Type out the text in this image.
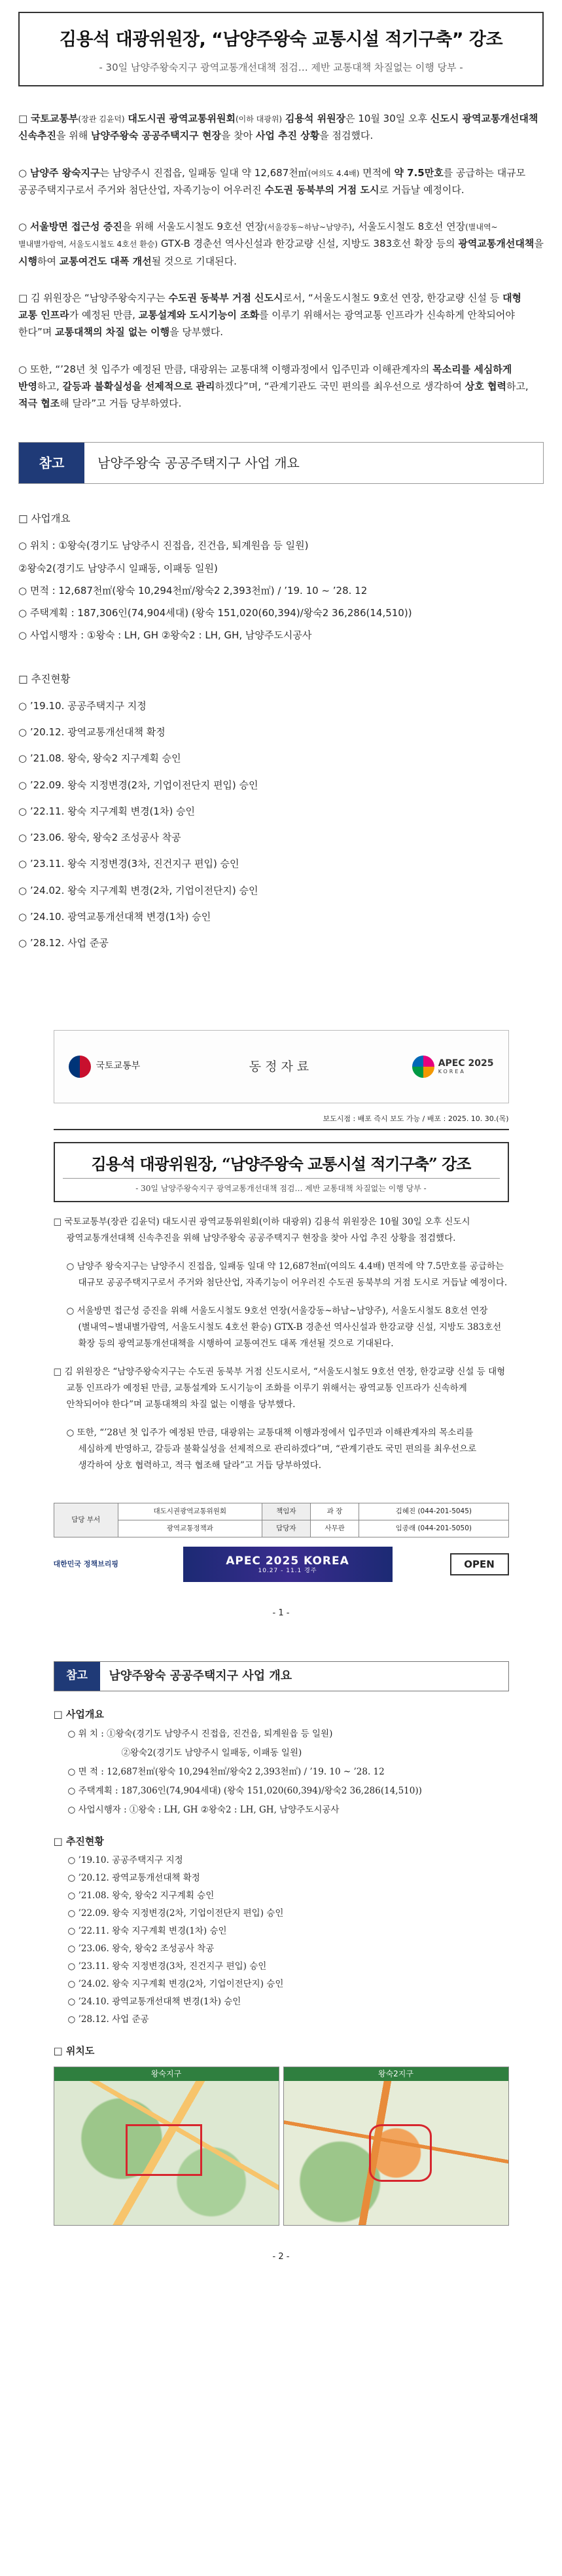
김용석 대광위원장, “남양주왕숙 교통시설 적기구축” 강조
- 30일 남양주왕숙지구 광역교통개선대책 점검… 제반 교통대책 차질없는 이행 당부 -

□ 국토교통부(장관 김윤덕) 대도시권 광역교통위원회(이하 대광위) 김용석 위원장은 10월 30일 오후 신도시 광역교통개선대책 신속추진을 위해 남양주왕숙 공공주택지구 현장을 찾아 사업 추진 상황을 점검했다.

○ 남양주 왕숙지구는 남양주시 진접읍, 일패동 일대 약 12,687천㎡(여의도 4.4배) 면적에 약 7.5만호를 공급하는 대규모 공공주택지구로서 주거와 첨단산업, 자족기능이 어우러진 수도권 동북부의 거점 도시로 거듭날 예정이다.

○ 서울방면 접근성 증진을 위해 서울도시철도 9호선 연장(서울강동~하남~남양주), 서울도시철도 8호선 연장(별내역~별내별가람역, 서울도시철도 4호선 환승) GTX-B 경춘선 역사신설과 한강교량 신설, 지방도 383호선 확장 등의 광역교통개선대책을 시행하여 교통여건도 대폭 개선될 것으로 기대된다.

□ 김 위원장은 “남양주왕숙지구는 수도권 동북부 거점 신도시로서, “서울도시철도 9호선 연장, 한강교량 신설 등 대형 교통 인프라가 예정된 만큼, 교통설계와 도시기능이 조화를 이루기 위해서는 광역교통 인프라가 신속하게 안착되어야 한다”며 교통대책의 차질 없는 이행을 당부했다.

○ 또한, “’28년 첫 입주가 예정된 만큼, 대광위는 교통대책 이행과정에서 입주민과 이해관계자의 목소리를 세심하게 반영하고, 갈등과 불확실성을 선제적으로 관리하겠다”며, “관계기관도 국민 편의를 최우선으로 생각하여 상호 협력하고, 적극 협조해 달라”고 거듭 당부하였다.

참고	남양주왕숙 공공주택지구 사업 개요
□ 사업개요
○ 위치 : ①왕숙(경기도 남양주시 진접읍, 진건읍, 퇴계원읍 등 일원)
②왕숙2(경기도 남양주시 일패동, 이패동 일원)
○ 면적 : 12,687천㎡(왕숙 10,294천㎡/왕숙2 2,393천㎡) / ’19. 10 ~ ’28. 12
○ 주택계획 : 187,306인(74,904세대) (왕숙 151,020(60,394)/왕숙2 36,286(14,510))
○ 사업시행자 : ①왕숙 : LH, GH ②왕숙2 : LH, GH, 남양주도시공사
□ 추진현황
○ ’19.10. 공공주택지구 지정
○ ’20.12. 광역교통개선대책 확정
○ ’21.08. 왕숙, 왕숙2 지구계획 승인
○ ’22.09. 왕숙 지정변경(2차, 기업이전단지 편입) 승인
○ ’22.11. 왕숙 지구계획 변경(1차) 승인
○ ’23.06. 왕숙, 왕숙2 조성공사 착공
○ ’23.11. 왕숙 지정변경(3차, 진건지구 편입) 승인
○ ’24.02. 왕숙 지구계획 변경(2차, 기업이전단지) 승인
○ ’24.10. 광역교통개선대책 변경(1차) 승인
○ ’28.12. 사업 준공
국토교통부	동정자료	APEC 2025
KOREA
보도시점 : 배포 즉시 보도 가능 / 배포 : 2025. 10. 30.(목)
김용석 대광위원장, “남양주왕숙 교통시설 적기구축” 강조
- 30일 남양주왕숙지구 광역교통개선대책 점검… 제반 교통대책 차질없는 이행 당부 -

□ 국토교통부(장관 김윤덕) 대도시권 광역교통위원회(이하 대광위) 김용석 위원장은 10월 30일 오후 신도시 광역교통개선대책 신속추진을 위해 남양주왕숙 공공주택지구 현장을 찾아 사업 추진 상황을 점검했다.

○ 남양주 왕숙지구는 남양주시 진접읍, 일패동 일대 약 12,687천㎡(여의도 4.4배) 면적에 약 7.5만호를 공급하는 대규모 공공주택지구로서 주거와 첨단산업, 자족기능이 어우러진 수도권 동북부의 거점 도시로 거듭날 예정이다.

○ 서울방면 접근성 증진을 위해 서울도시철도 9호선 연장(서울강동~하남~남양주), 서울도시철도 8호선 연장(별내역~별내별가람역, 서울도시철도 4호선 환승) GTX-B 경춘선 역사신설과 한강교량 신설, 지방도 383호선 확장 등의 광역교통개선대책을 시행하여 교통여건도 대폭 개선될 것으로 기대된다.

□ 김 위원장은 “남양주왕숙지구는 수도권 동북부 거점 신도시로서, “서울도시철도 9호선 연장, 한강교량 신설 등 대형 교통 인프라가 예정된 만큼, 교통설계와 도시기능이 조화를 이루기 위해서는 광역교통 인프라가 신속하게 안착되어야 한다”며 교통대책의 차질 없는 이행을 당부했다.

○ 또한, “’28년 첫 입주가 예정된 만큼, 대광위는 교통대책 이행과정에서 입주민과 이해관계자의 목소리를 세심하게 반영하고, 갈등과 불확실성을 선제적으로 관리하겠다”며, “관계기관도 국민 편의를 최우선으로 생각하여 상호 협력하고, 적극 협조해 달라”고 거듭 당부하였다.

담당 부서	대도시권광역교통위원회	책임자	과 장	김혜진 (044-201-5045)
	광역교통정책과	담당자	사무관	임종래 (044-201-5050)
대한민국 정책브리핑	APEC 2025 KOREA
10.27 - 11.1 경주
OPEN
- 1 -
참고	남양주왕숙 공공주택지구 사업 개요
□ 사업개요
○ 위 치 : ①왕숙(경기도 남양주시 진접읍, 진건읍, 퇴계원읍 등 일원)
②왕숙2(경기도 남양주시 일패동, 이패동 일원)
○ 면 적 : 12,687천㎡(왕숙 10,294천㎡/왕숙2 2,393천㎡) / ’19. 10 ~ ’28. 12
○ 주택계획 : 187,306인(74,904세대) (왕숙 151,020(60,394)/왕숙2 36,286(14,510))
○ 사업시행자 : ①왕숙 : LH, GH ②왕숙2 : LH, GH, 남양주도시공사
□ 추진현황
○ ’19.10. 공공주택지구 지정
○ ’20.12. 광역교통개선대책 확정
○ ’21.08. 왕숙, 왕숙2 지구계획 승인
○ ’22.09. 왕숙 지정변경(2차, 기업이전단지 편입) 승인
○ ’22.11. 왕숙 지구계획 변경(1차) 승인
○ ’23.06. 왕숙, 왕숙2 조성공사 착공
○ ’23.11. 왕숙 지정변경(3차, 진건지구 편입) 승인
○ ’24.02. 왕숙 지구계획 변경(2차, 기업이전단지) 승인
○ ’24.10. 광역교통개선대책 변경(1차) 승인
○ ’28.12. 사업 준공
□ 위치도
왕숙지구	왕숙2지구
- 2 -
